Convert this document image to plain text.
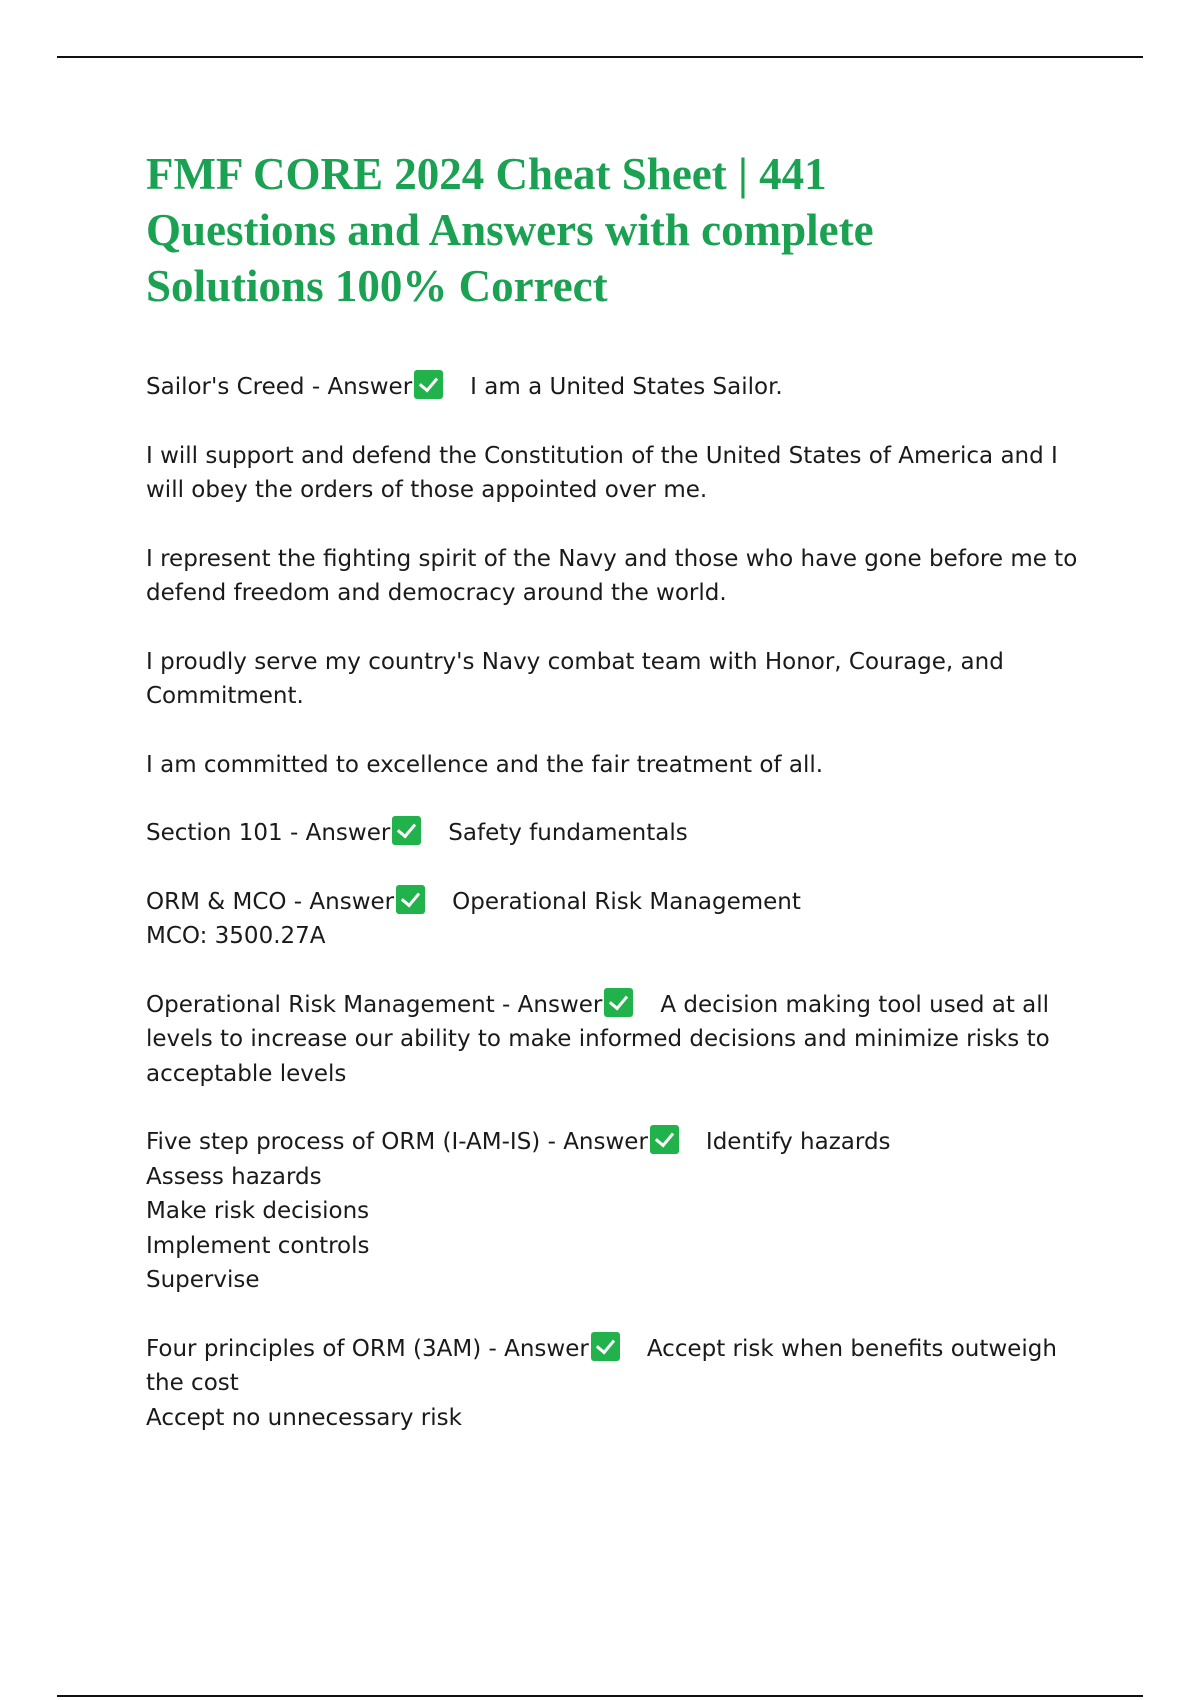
FMF CORE 2024 Cheat Sheet | 441 Questions and Answers with complete Solutions 100% Correct
Sailor's Creed - Answer	I am a United States Sailor.
I will support and defend the Constitution of the United States of America and I
will obey the orders of those appointed over me.
I represent the fighting spirit of the Navy and those who have gone before me to
defend freedom and democracy around the world.
I proudly serve my country's Navy combat team with Honor, Courage, and
Commitment.
I am committed to excellence and the fair treatment of all.
Section 101 - Answer	Safety fundamentals
ORM & MCO - Answer	Operational Risk Management
MCO: 3500.27A
Operational Risk Management - Answer	A decision making tool used at all
levels to increase our ability to make informed decisions and minimize risks to
acceptable levels
Five step process of ORM (I-AM-IS) - Answer	Identify hazards
Assess hazards
Make risk decisions
Implement controls
Supervise
Four principles of ORM (3AM) - Answer	Accept risk when benefits outweigh
the cost
Accept no unnecessary risk
